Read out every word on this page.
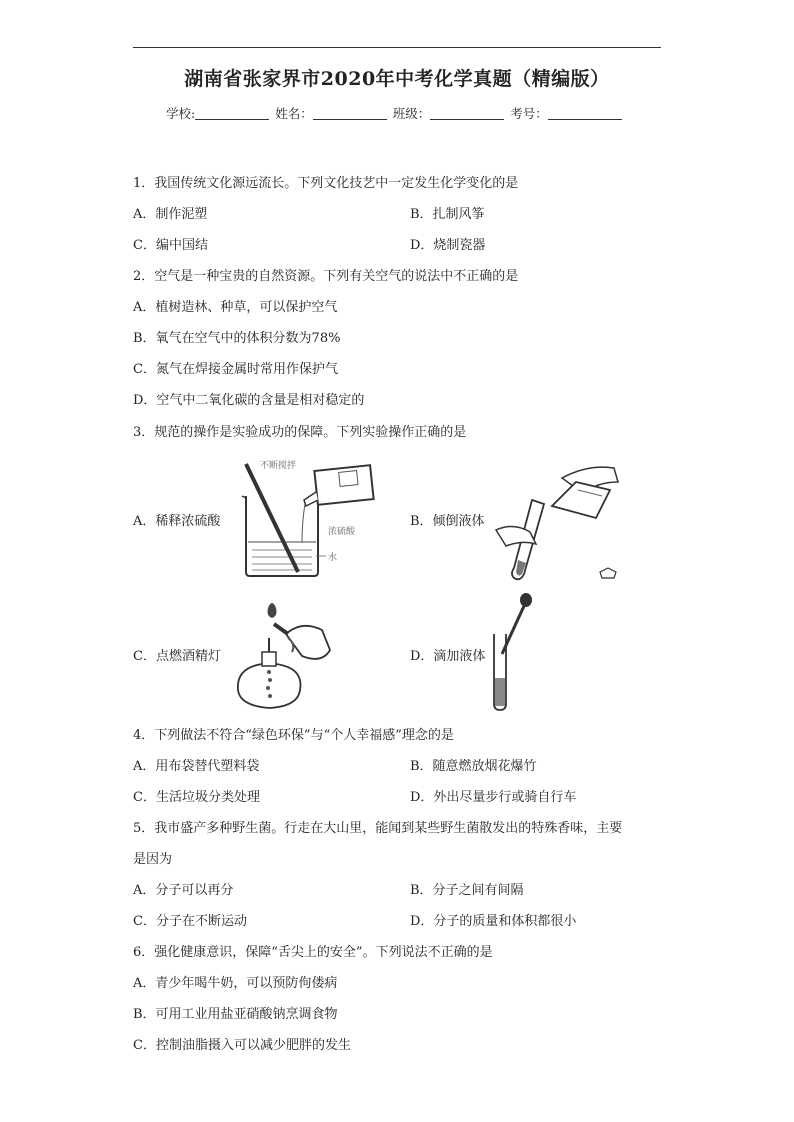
湖南省张家界市2020年中考化学真题（精编版）
学校:	姓名：	班级：	考号：
1．我国传统文化源远流长。下列文化技艺中一定发生化学变化的是
A．制作泥塑	B．扎制风筝
C．编中国结	D．烧制瓷器
2．空气是一种宝贵的自然资源。下列有关空气的说法中不正确的是
A．植树造林、种草，可以保护空气
B．氧气在空气中的体积分数为78%
C．氮气在焊接金属时常用作保护气
D．空气中二氧化碳的含量是相对稳定的
3．规范的操作是实验成功的保障。下列实验操作正确的是
A．稀释浓硫酸
不断搅拌
浓硫酸
水
B．倾倒液体
C．点燃酒精灯	D．滴加液体
4．下列做法不符合“绿色环保”与“个人幸福感”理念的是
A．用布袋替代塑料袋	B．随意燃放烟花爆竹
C．生活垃圾分类处理	D．外出尽量步行或骑自行车
5．我市盛产多种野生菌。行走在大山里，能闻到某些野生菌散发出的特殊香味，主要
是因为
A．分子可以再分	B．分子之间有间隔
C．分子在不断运动	D．分子的质量和体积都很小
6．强化健康意识，保障“舌尖上的安全”。下列说法不正确的是
A．青少年喝牛奶，可以预防佝偻病
B．可用工业用盐亚硝酸钠烹调食物
C．控制油脂摄入可以减少肥胖的发生
